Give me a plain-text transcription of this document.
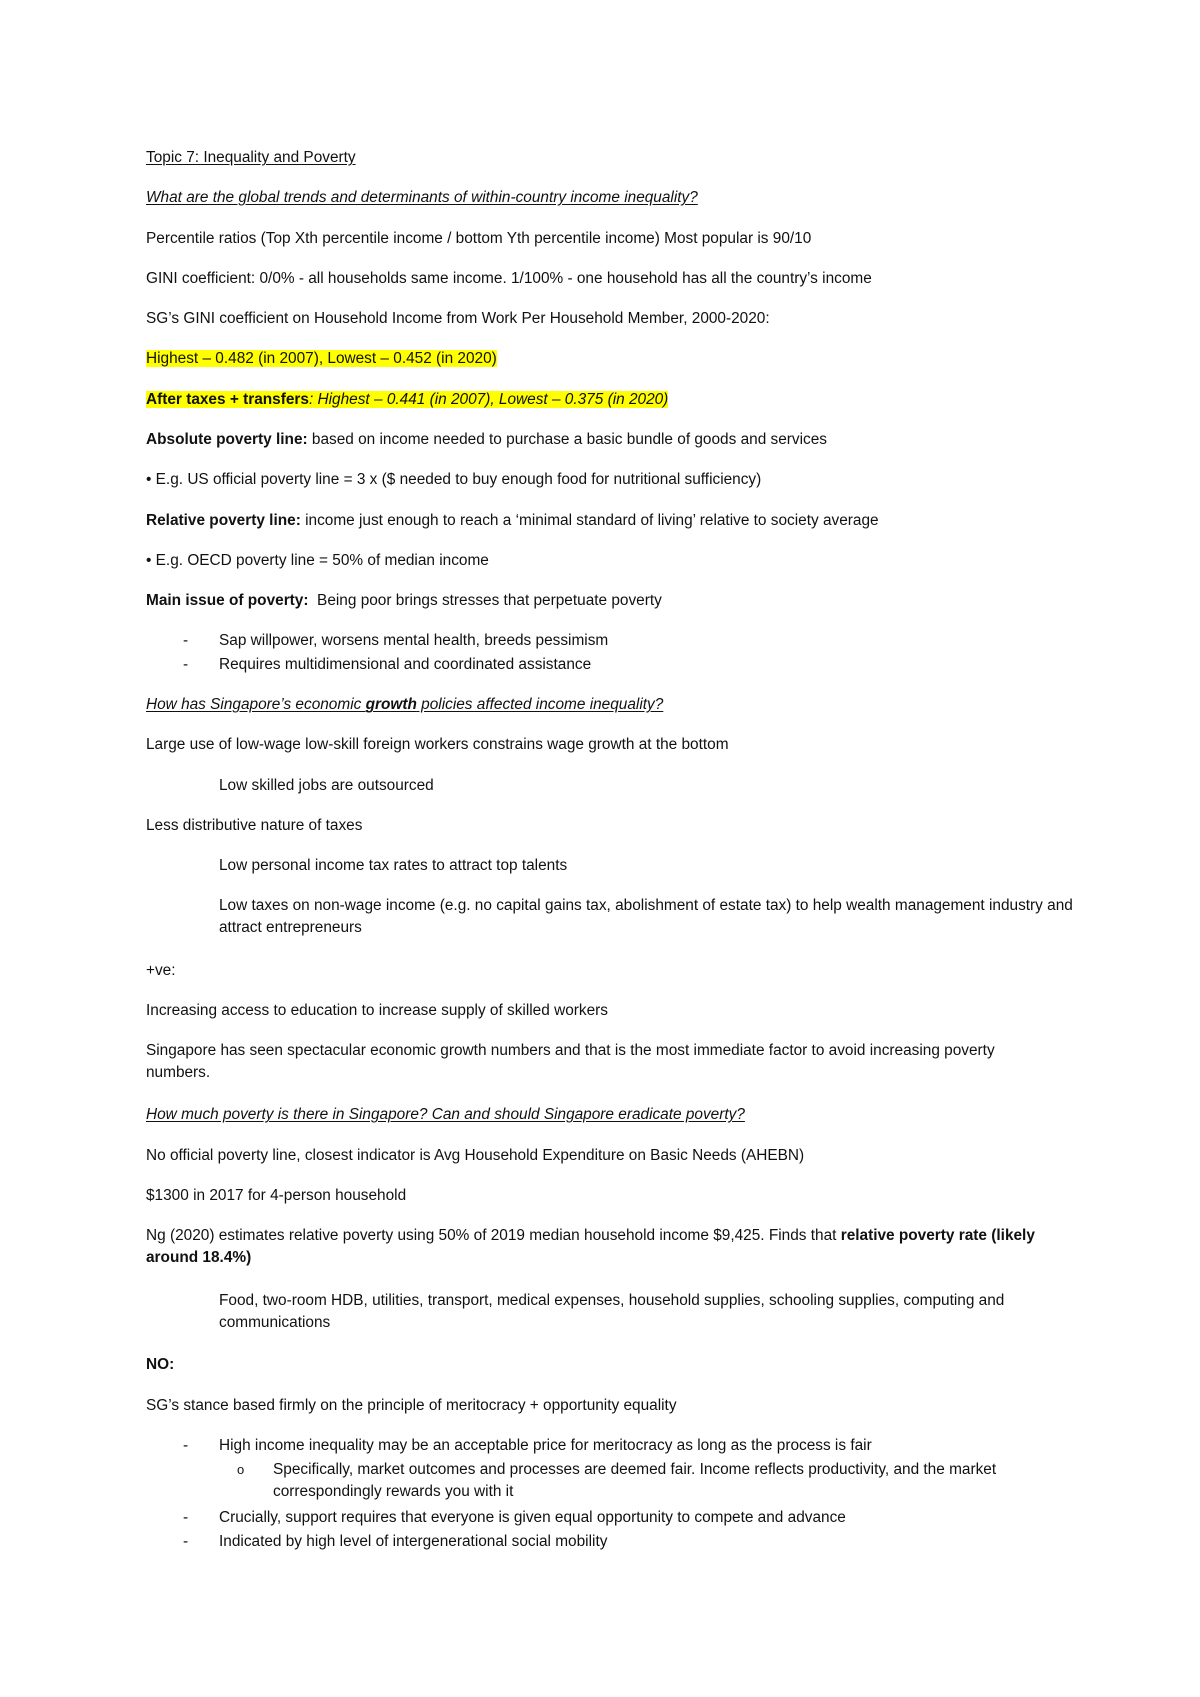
Topic 7: Inequality and Poverty
What are the global trends and determinants of within-country income inequality?
Percentile ratios (Top Xth percentile income / bottom Yth percentile income) Most popular is 90/10
GINI coefficient: 0/0% - all households same income. 1/100% - one household has all the country’s income
SG’s GINI coefficient on Household Income from Work Per Household Member, 2000-2020:
Highest – 0.482 (in 2007), Lowest – 0.452 (in 2020)
After taxes + transfers: Highest – 0.441 (in 2007), Lowest – 0.375 (in 2020)
Absolute poverty line: based on income needed to purchase a basic bundle of goods and services
• E.g. US official poverty line = 3 x ($ needed to buy enough food for nutritional sufficiency)
Relative poverty line: income just enough to reach a ‘minimal standard of living’ relative to society average
• E.g. OECD poverty line = 50% of median income
Main issue of poverty:  Being poor brings stresses that perpetuate poverty
- Sap willpower, worsens mental health, breeds pessimism
- Requires multidimensional and coordinated assistance
How has Singapore’s economic growth policies affected income inequality?
Large use of low-wage low-skill foreign workers constrains wage growth at the bottom
Low skilled jobs are outsourced
Less distributive nature of taxes
Low personal income tax rates to attract top talents
Low taxes on non-wage income (e.g. no capital gains tax, abolishment of estate tax) to help wealth management industry and attract entrepreneurs
+ve:
Increasing access to education to increase supply of skilled workers
Singapore has seen spectacular economic growth numbers and that is the most immediate factor to avoid increasing poverty numbers.
How much poverty is there in Singapore? Can and should Singapore eradicate poverty?
No official poverty line, closest indicator is Avg Household Expenditure on Basic Needs (AHEBN)
$1300 in 2017 for 4-person household
Ng (2020) estimates relative poverty using 50% of 2019 median household income $9,425. Finds that relative poverty rate (likely around 18.4%)
Food, two-room HDB, utilities, transport, medical expenses, household supplies, schooling supplies, computing and communications
NO:
SG’s stance based firmly on the principle of meritocracy + opportunity equality
- High income inequality may be an acceptable price for meritocracy as long as the process is fair
o Specifically, market outcomes and processes are deemed fair. Income reflects productivity, and the market correspondingly rewards you with it
- Crucially, support requires that everyone is given equal opportunity to compete and advance
- Indicated by high level of intergenerational social mobility
